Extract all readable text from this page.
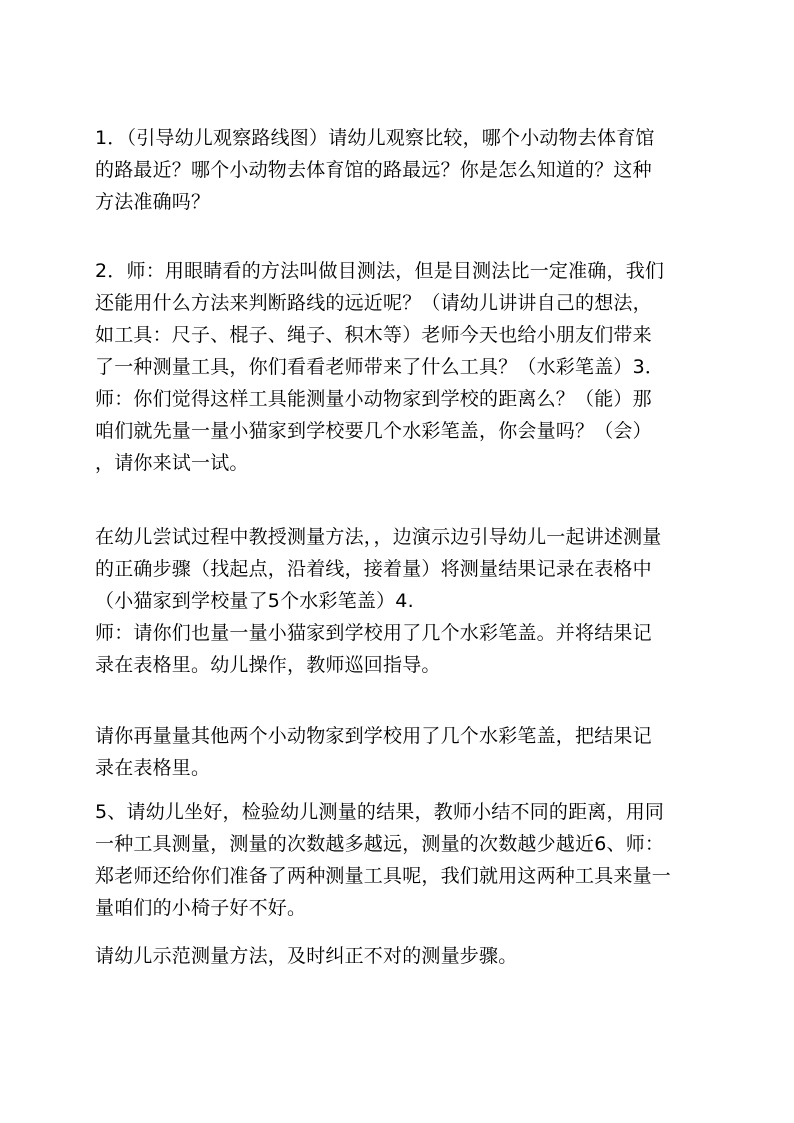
1．（引导幼儿观察路线图）请幼儿观察比较，哪个小动物去体育馆
的路最近？哪个小动物去体育馆的路最远？你是怎么知道的？这种
方法准确吗？
2．师：用眼睛看的方法叫做目测法，但是目测法比一定准确，我们
还能用什么方法来判断路线的远近呢？（请幼儿讲讲自己的想法，
如工具：尺子、棍子、绳子、积木等）老师今天也给小朋友们带来
了一种测量工具，你们看看老师带来了什么工具？（水彩笔盖）3．
师：你们觉得这样工具能测量小动物家到学校的距离么？（能）那
咱们就先量一量小猫家到学校要几个水彩笔盖，你会量吗？（会）
，请你来试一试。
在幼儿尝试过程中教授测量方法，，边演示边引导幼儿一起讲述测量
的正确步骤（找起点，沿着线，接着量）将测量结果记录在表格中
（小猫家到学校量了5个水彩笔盖）4.
师：请你们也量一量小猫家到学校用了几个水彩笔盖。并将结果记
录在表格里。幼儿操作，教师巡回指导。
请你再量量其他两个小动物家到学校用了几个水彩笔盖，把结果记
录在表格里。
5、请幼儿坐好，检验幼儿测量的结果，教师小结不同的距离，用同
一种工具测量，测量的次数越多越远，测量的次数越少越近6、师：
郑老师还给你们准备了两种测量工具呢，我们就用这两种工具来量一
量咱们的小椅子好不好。
请幼儿示范测量方法，及时纠正不对的测量步骤。
